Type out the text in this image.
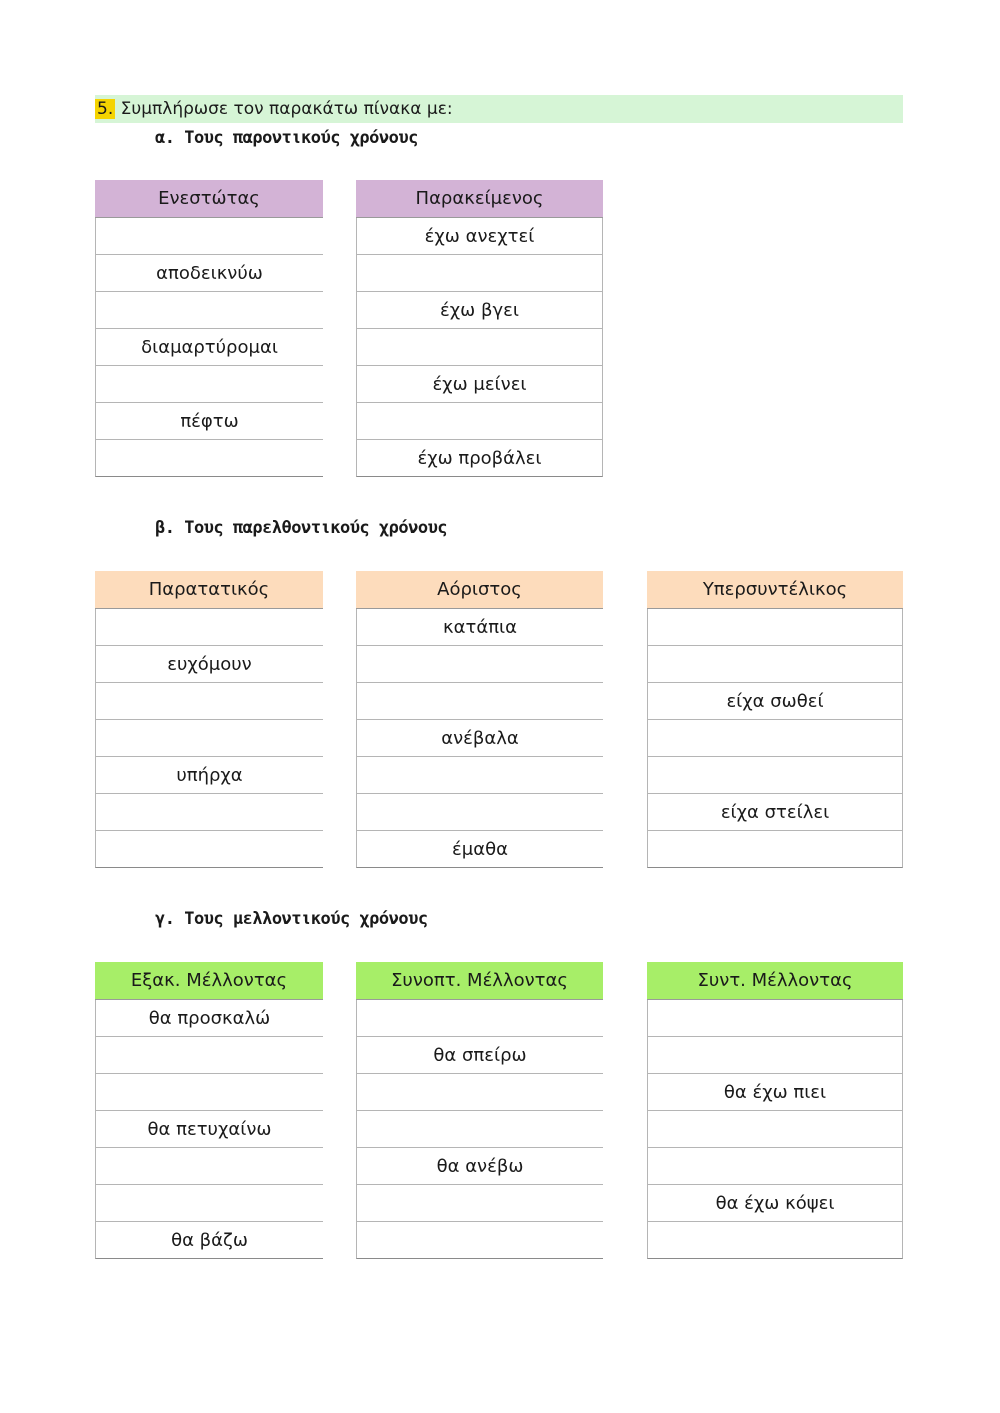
5. Συμπλήρωσε τον παρακάτω πίνακα με:
α. Τους παροντικούς χρόνους
β. Τους παρελθοντικούς χρόνους
γ. Τους μελλοντικούς χρόνους
Ενεστώτας
αποδεικνύω
διαμαρτύρομαι
πέφτω
Παρακείμενος
έχω ανεχτεί
έχω βγει
έχω μείνει
έχω προβάλει
Παρατατικός
ευχόμουν
υπήρχα
Αόριστος
κατάπια
ανέβαλα
έμαθα
Υπερσυντέλικος
είχα σωθεί
είχα στείλει
Εξακ. Μέλλοντας
θα προσκαλώ
θα πετυχαίνω
θα βάζω
Συνοπτ. Μέλλοντας
θα σπείρω
θα ανέβω
Συντ. Μέλλοντας
θα έχω πιει
θα έχω κόψει
